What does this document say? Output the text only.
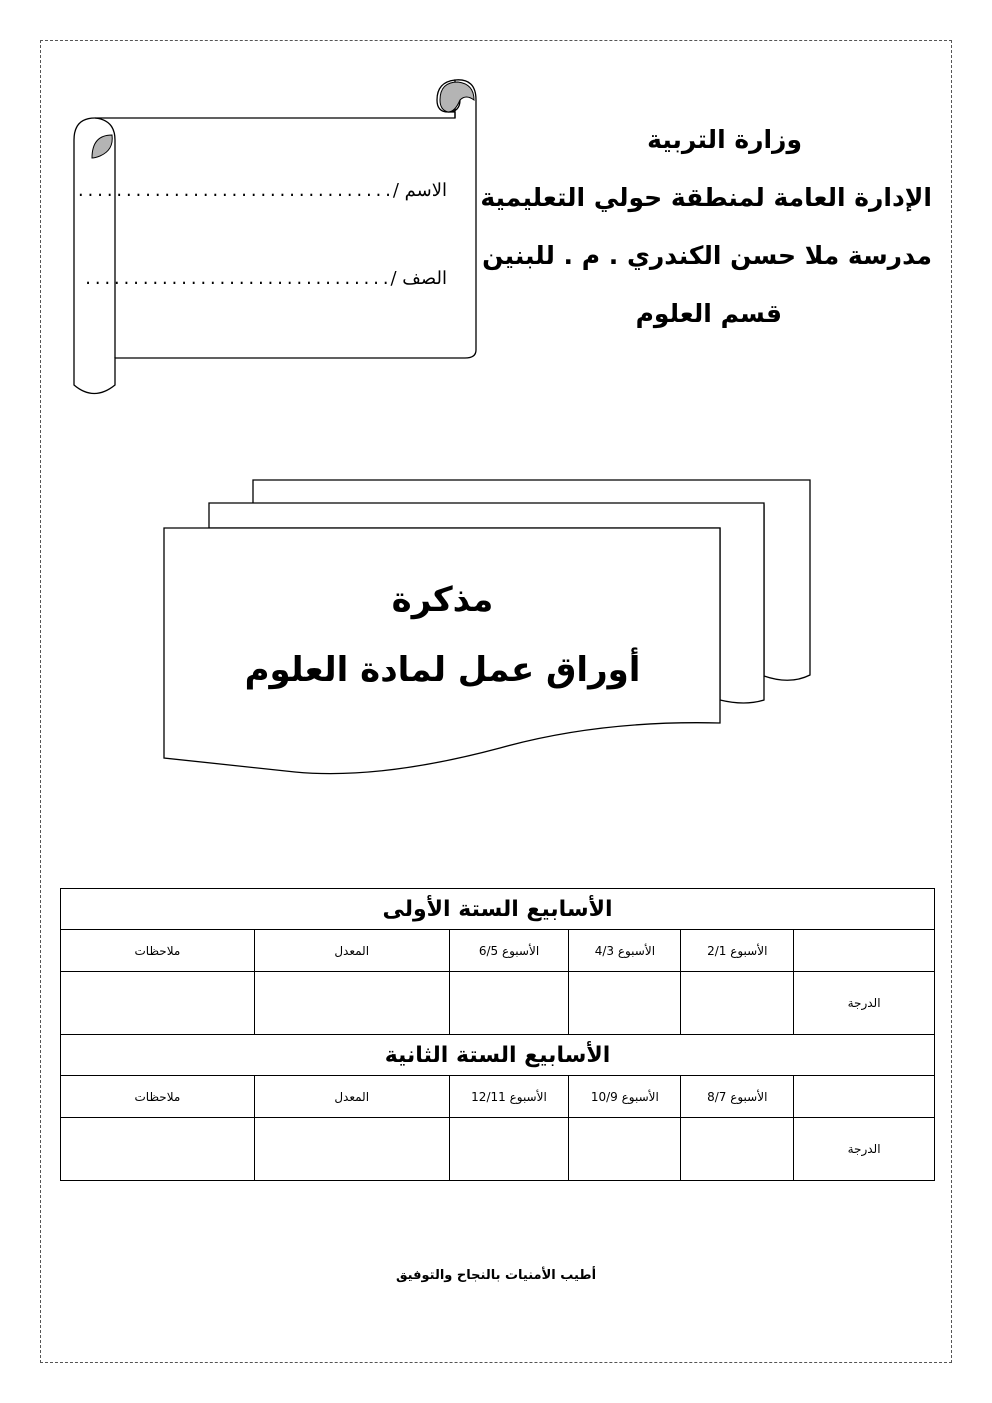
وزارة التربية
الإدارة العامة لمنطقة حولي التعليمية
مدرسة ملا حسن الكندري . م . للبنين
قسم العلوم
الاسم /.................................
الصف /................................
مذكرة
أوراق عمل لمادة العلوم
الأسابيع الستة الأولى					
	الأسبوع 2/1	الأسبوع 4/3	الأسبوع 6/5	المعدل	ملاحظات
الدرجة					
الأسابيع الستة الثانية					
	الأسبوع 8/7	الأسبوع 10/9	الأسبوع 12/11	المعدل	ملاحظات
الدرجة					
أطيب الأمنيات بالنجاح والتوفيق
